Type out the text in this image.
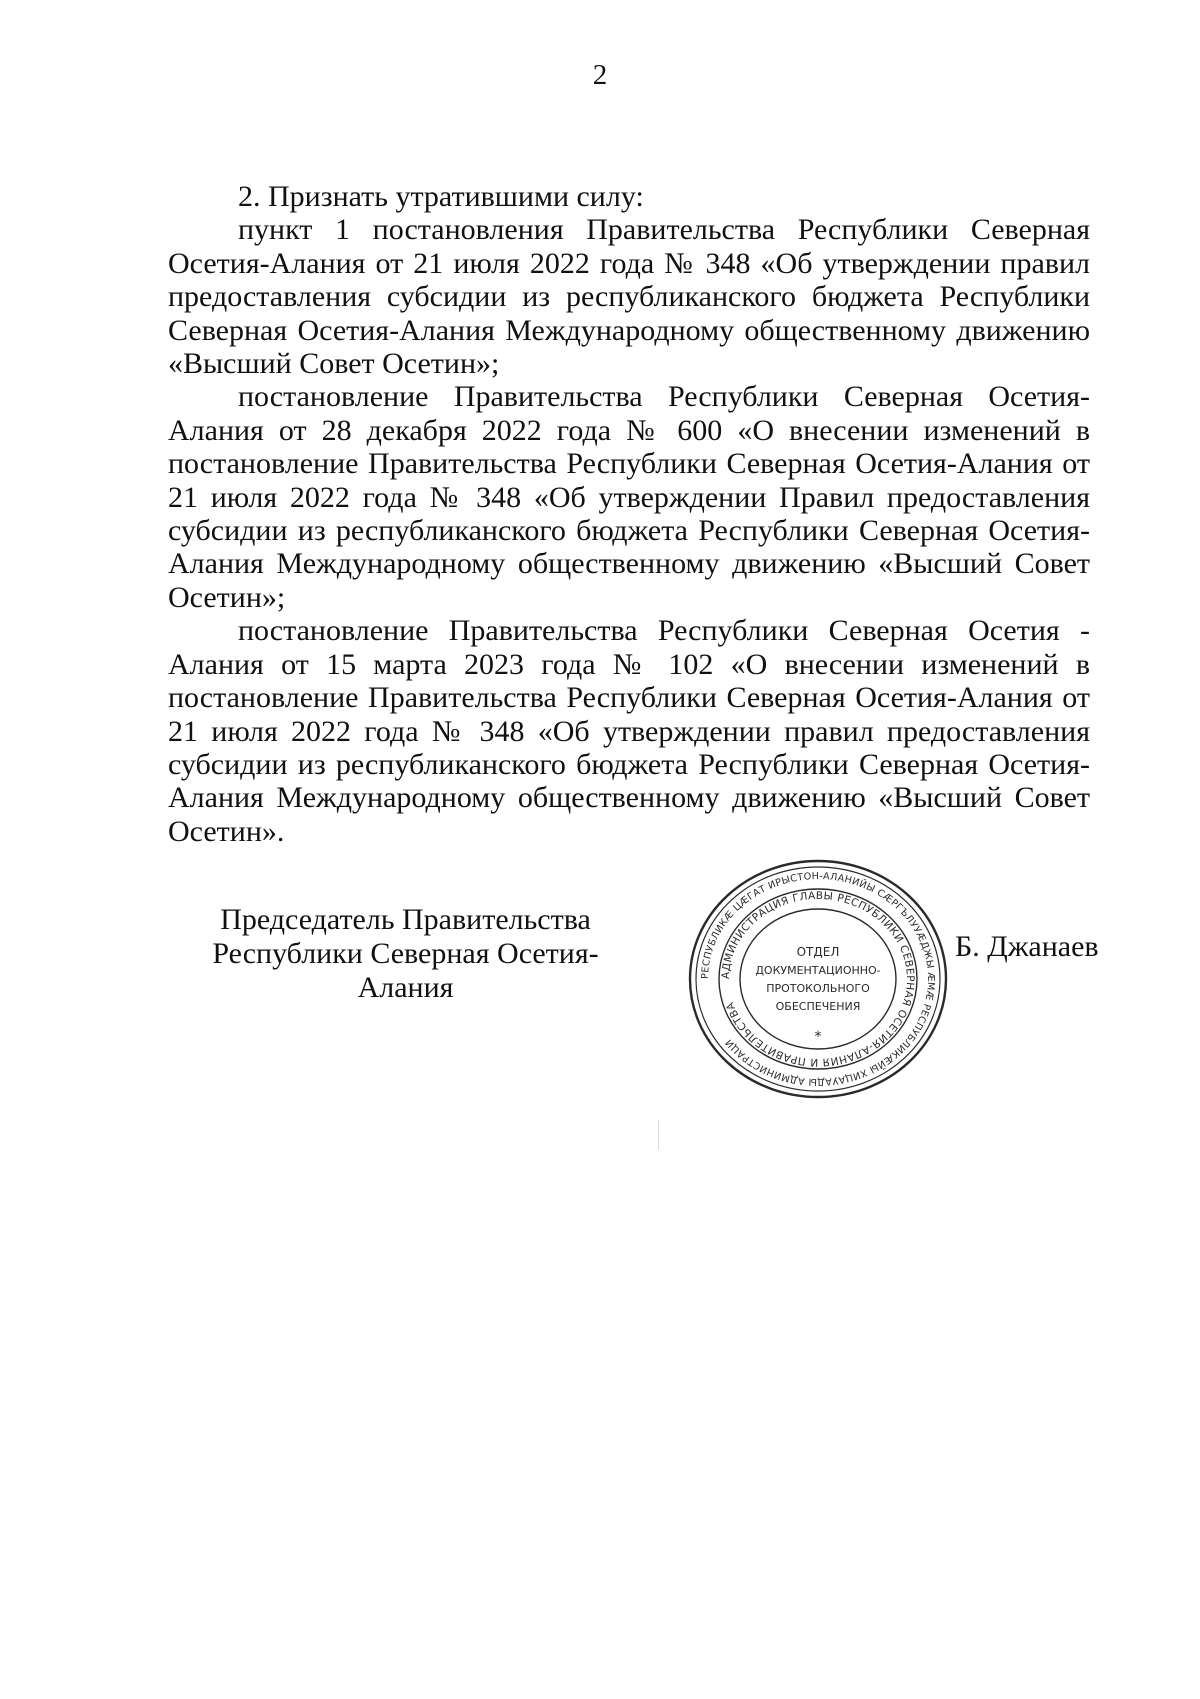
2

2. Признать утратившими силу:

пункт 1 постановления Правительства Республики Северная Осетия-Алания от 21 июля 2022 года № 348 «Об утверждении правил предоставления субсидии из республиканского бюджета Республики Северная Осетия-Алания Международному общественному движению «Высший Совет Осетин»;

постановление Правительства Республики Северная Осетия-Алания от 28 декабря 2022 года № 600 «О внесении изменений в постановление Правительства Республики Северная Осетия-Алания от 21 июля 2022 года № 348 «Об утверждении Правил предоставления субсидии из республиканского бюджета Республики Северная Осетия-Алания Международному общественному движению «Высший Совет Осетин»;

постановление Правительства Республики Северная Осетия - Алания от 15 марта 2023 года № 102 «О внесении изменений в постановление Правительства Республики Северная Осетия-Алания от 21 июля 2022 года № 348 «Об утверждении правил предоставления субсидии из республиканского бюджета Республики Северная Осетия-Алания Международному общественному движению «Высший Совет Осетин».

Председатель Правительства
Республики Северная Осетия-Алания	РЕСПУБЛИКӔ ЦӔГАТ ИРЫСТОН-АЛАНИЙЫ СӔРГЪЛУУӔДЖЫ ӔМӔ РЕСПУБЛИКӔЙЫ ХИЦАУАДЫ АДМИНИСТРАЦИ
АДМИНИСТРАЦИЯ ГЛАВЫ РЕСПУБЛИКИ СЕВЕРНАЯ ОСЕТИЯ-АЛАНИЯ И ПРАВИТЕЛЬСТВА
ОТДЕЛ
ДОКУМЕНТАЦИОННО-
ПРОТОКОЛЬНОГО
ОБЕСПЕЧЕНИЯ
*
Б. Джанаев
